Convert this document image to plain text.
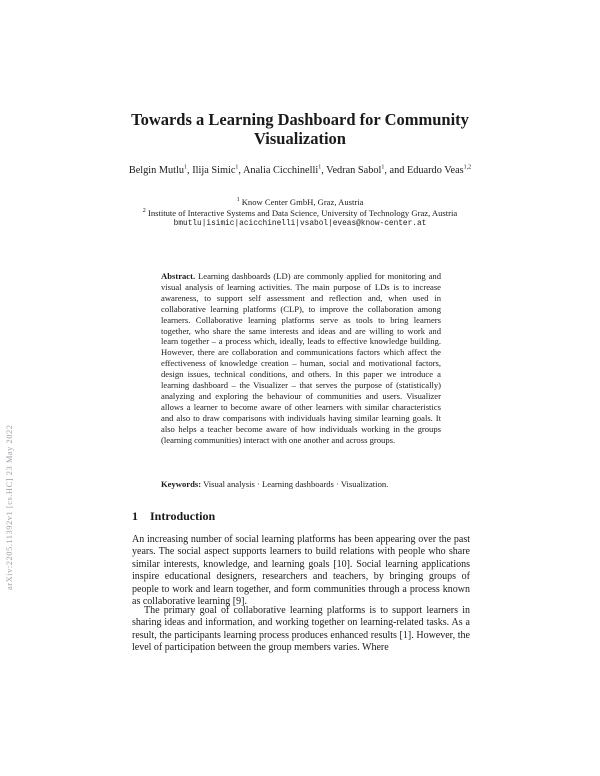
Towards a Learning Dashboard for Community Visualization
Belgin Mutlu$^1$, Ilija Simic$^1$, Analia Cicchinelli$^1$, Vedran Sabol$^1$, and Eduardo Veas$^{1,2}$
$^1$ Know Center GmbH, Graz, Austria
$^2$ Institute of Interactive Systems and Data Science, University of Technology Graz, Austria
bmutlu|isimic|acicchinelli|vsabol|eveas@know-center.at
Abstract. Learning dashboards (LD) are commonly applied for monitoring and visual analysis of learning activities. The main purpose of LDs is to increase awareness, to support self assessment and reflection and, when used in collaborative learning platforms (CLP), to improve the collaboration among learners. Collaborative learning platforms serve as tools to bring learners together, who share the same interests and ideas and are willing to work and learn together – a process which, ideally, leads to effective knowledge building. However, there are collaboration and communications factors which affect the effectiveness of knowledge creation – human, social and motivational factors, design issues, technical conditions, and others. In this paper we introduce a learning dashboard – the Visualizer – that serves the purpose of (statistically) analyzing and exploring the behaviour of communities and users. Visualizer allows a learner to become aware of other learners with similar characteristics and also to draw comparisons with individuals having similar learning goals. It also helps a teacher become aware of how individuals working in the groups (learning communities) interact with one another and across groups.
Keywords: Visual analysis · Learning dashboards · Visualization.
1 Introduction
An increasing number of social learning platforms has been appearing over the past years. The social aspect supports learners to build relations with people who share similar interests, knowledge, and learning goals [10]. Social learning applications inspire educational designers, researchers and teachers, by bringing groups of people to work and learn together, and form communities through a process known as collaborative learning [9].
The primary goal of collaborative learning platforms is to support learners in sharing ideas and information, and working together on learning-related tasks. As a result, the participants learning process produces enhanced results [1]. However, the level of participation between the group members varies. Where
arXiv:2205.11392v1 [cs.HC] 23 May 2022
